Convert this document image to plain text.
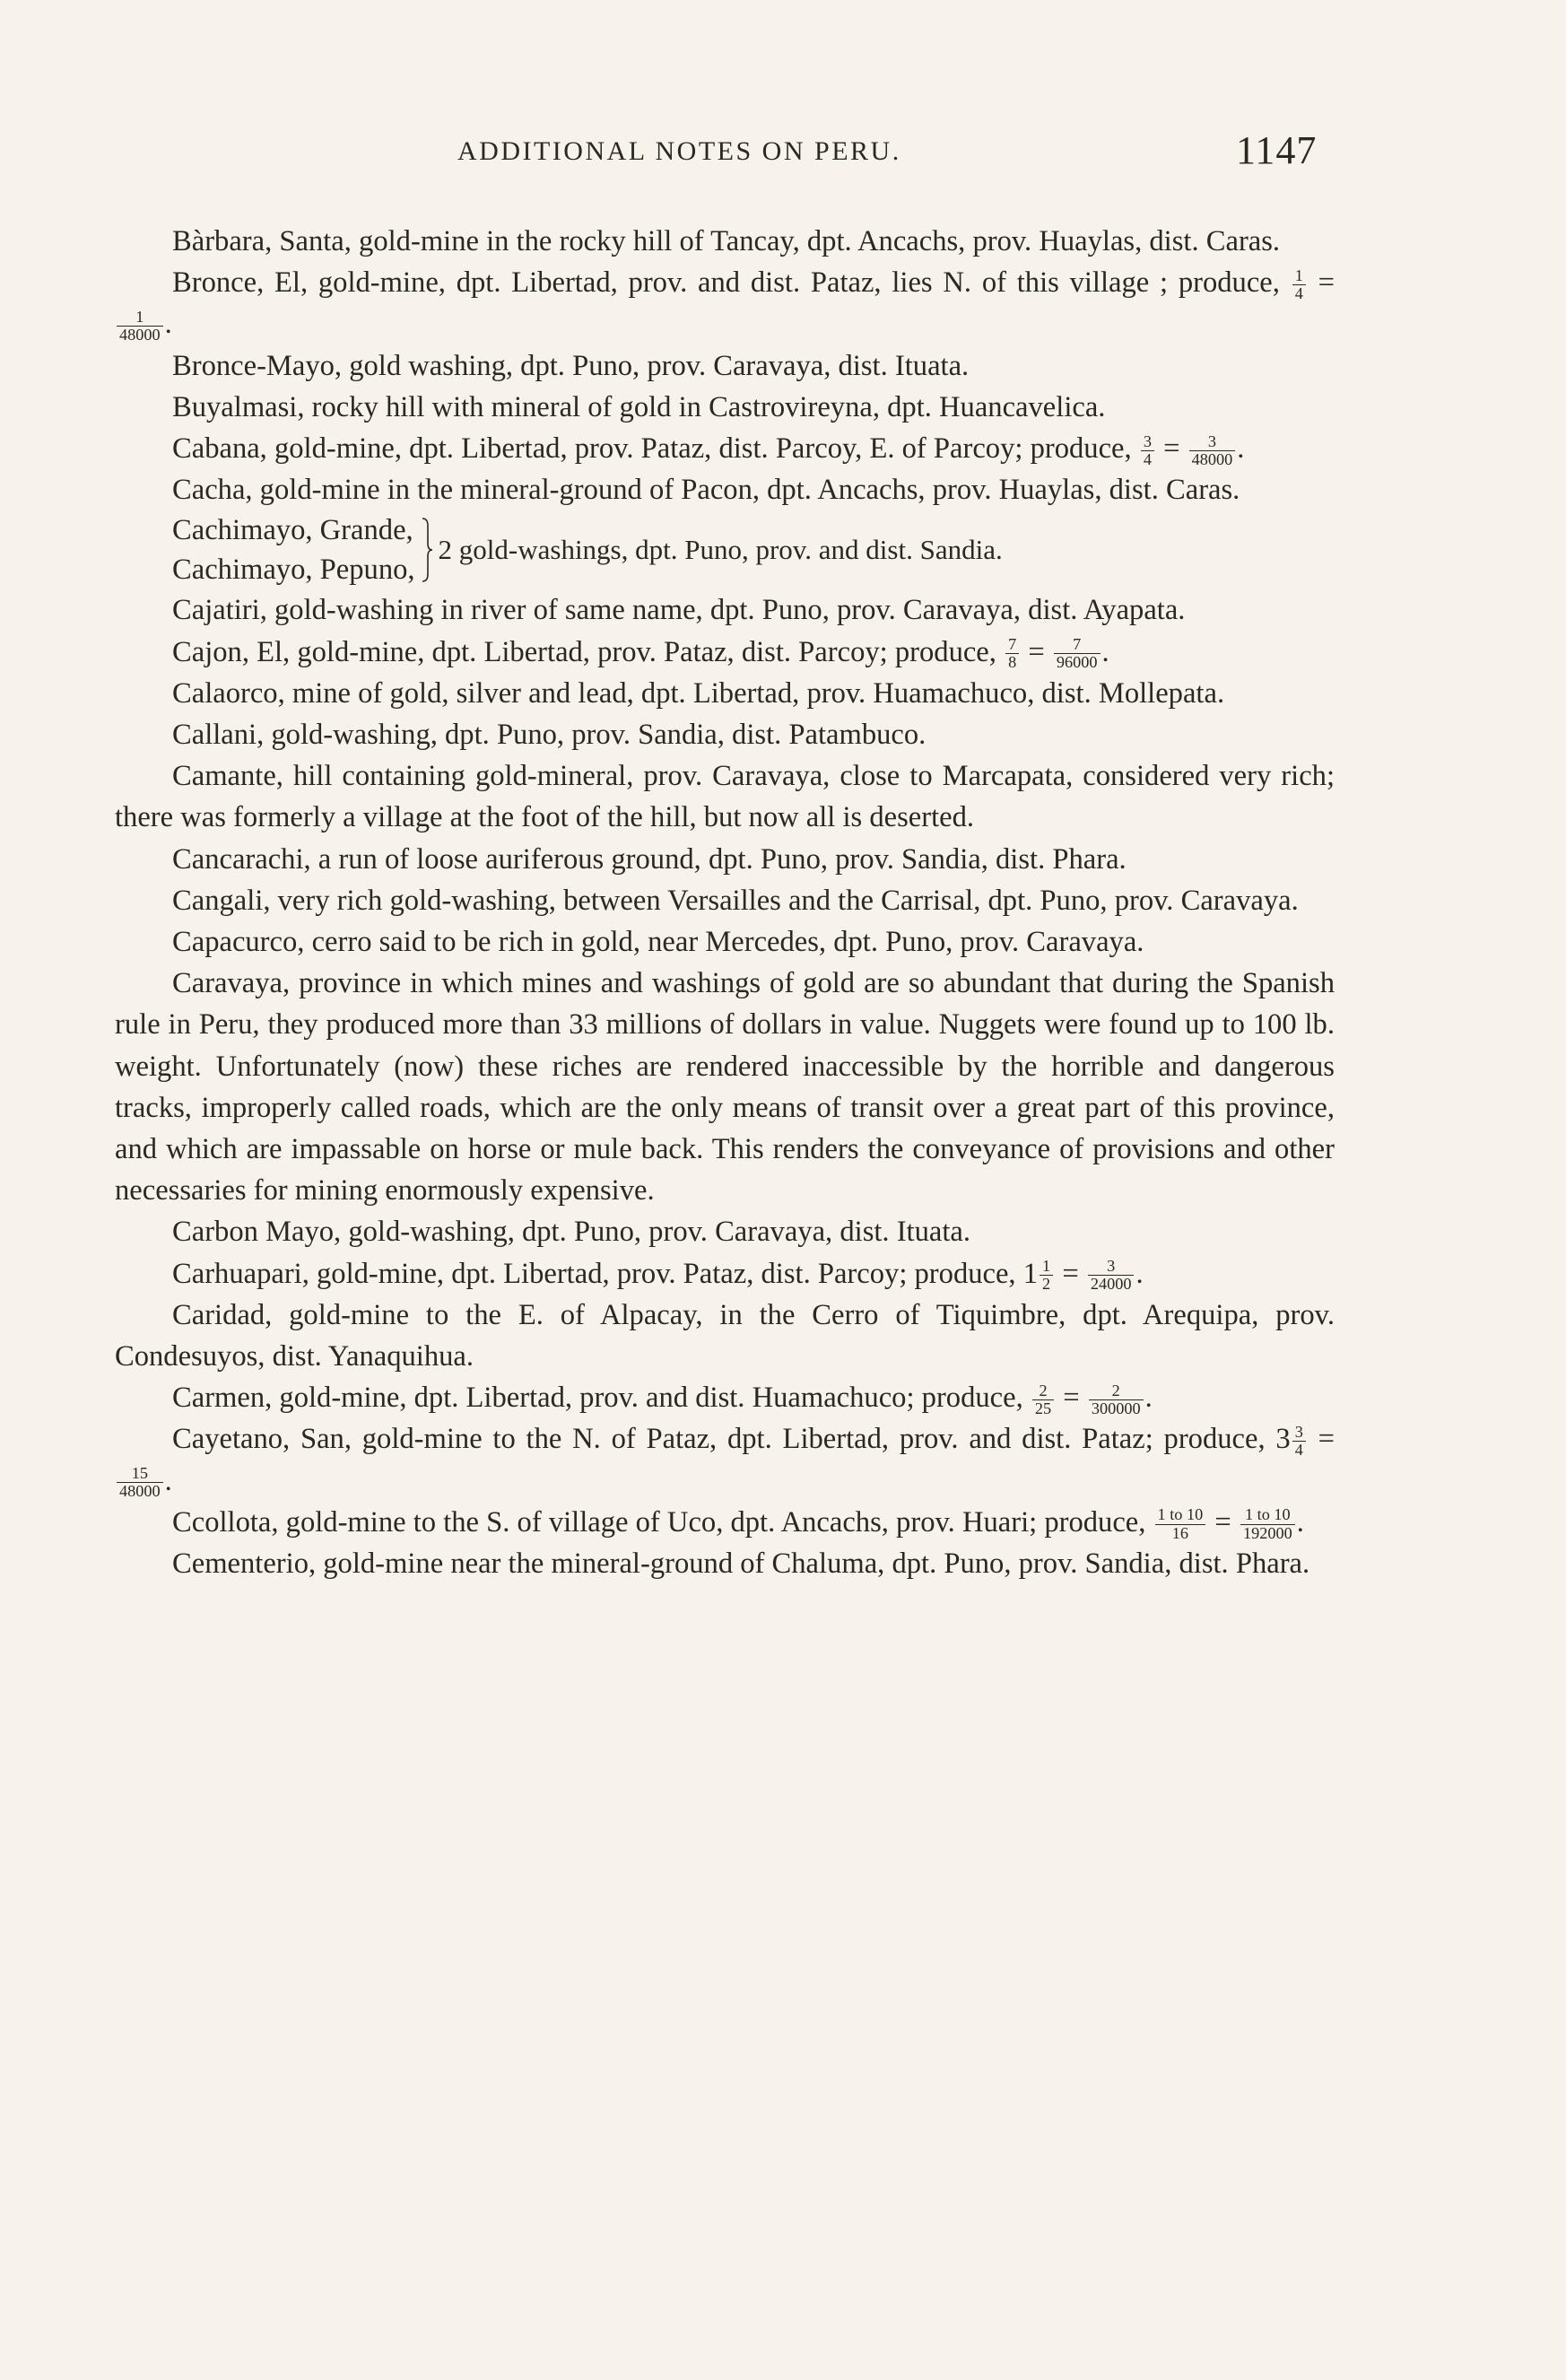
ADDITIONAL NOTES ON PERU.	1147

Bàrbara, Santa, gold-mine in the rocky hill of Tancay, dpt. Ancachs, prov. Huaylas, dist. Caras.

Bronce, El, gold-mine, dpt. Libertad, prov. and dist. Pataz, lies N. of this village ; produce, $\frac{1}{4}$ =
$\frac{1}{48000}$ .

Bronce-Mayo, gold washing, dpt. Puno, prov. Caravaya, dist. Ituata.

Buyalmasi, rocky hill with mineral of gold in Castrovireyna, dpt. Huancavelica.

Cabana, gold-mine, dpt. Libertad, prov. Pataz, dist. Parcoy, E. of Parcoy; produce, $\frac{3}{4} = \frac{3}{48000}$ .

Cacha, gold-mine in the mineral-ground of Pacon, dpt. Ancachs, prov. Huaylas, dist. Caras.

Cachimayo, Grande,
Cachimayo, Pepuno,
2 gold-washings, dpt. Puno, prov. and dist. Sandia.

Cajatiri, gold-washing in river of same name, dpt. Puno, prov. Caravaya, dist. Ayapata.

Cajon, El, gold-mine, dpt. Libertad, prov. Pataz, dist. Parcoy; produce, $\frac{7}{8} = \frac{7}{96000}$ .

Calaorco, mine of gold, silver and lead, dpt. Libertad, prov. Huamachuco, dist. Mollepata.

Callani, gold-washing, dpt. Puno, prov. Sandia, dist. Patambuco.

Camante, hill containing gold-mineral, prov. Caravaya, close to Marcapata, considered very rich; there was formerly a village at the foot of the hill, but now all is deserted.

Cancarachi, a run of loose auriferous ground, dpt. Puno, prov. Sandia, dist. Phara.

Cangali, very rich gold-washing, between Versailles and the Carrisal, dpt. Puno, prov. Caravaya.

Capacurco, cerro said to be rich in gold, near Mercedes, dpt. Puno, prov. Caravaya.

Caravaya, province in which mines and washings of gold are so abundant that during the Spanish rule in Peru, they produced more than 33 millions of dollars in value. Nuggets were found up to 100 lb. weight. Unfortunately (now) these riches are rendered inaccessible by the horrible and dangerous tracks, improperly called roads, which are the only means of transit over a great part of this province, and which are impassable on horse or mule back. This renders the conveyance of provisions and other necessaries for mining enormously expensive.

Carbon Mayo, gold-washing, dpt. Puno, prov. Caravaya, dist. Ituata.

Carhuapari, gold-mine, dpt. Libertad, prov. Pataz, dist. Parcoy; produce, $1 \frac{1}{2} = \frac{3}{24000}$ .

Caridad, gold-mine to the E. of Alpacay, in the Cerro of Tiquimbre, dpt. Arequipa, prov. Condesuyos, dist. Yanaquihua.

Carmen, gold-mine, dpt. Libertad, prov. and dist. Huamachuco; produce, $\frac{2}{25} = \frac{2}{300000}$ .

Cayetano, San, gold-mine to the N. of Pataz, dpt. Libertad, prov. and dist. Pataz; produce, $3 \frac{3}{4}$ =
$\frac{15}{48000}$ .

Ccollota, gold-mine to the S. of village of Uco, dpt. Ancachs, prov. Huari; produce, $\frac{1 to 10}{16} = \frac{1 to 10}{192000}$ .

Cementerio, gold-mine near the mineral-ground of Chaluma, dpt. Puno, prov. Sandia, dist. Phara.
